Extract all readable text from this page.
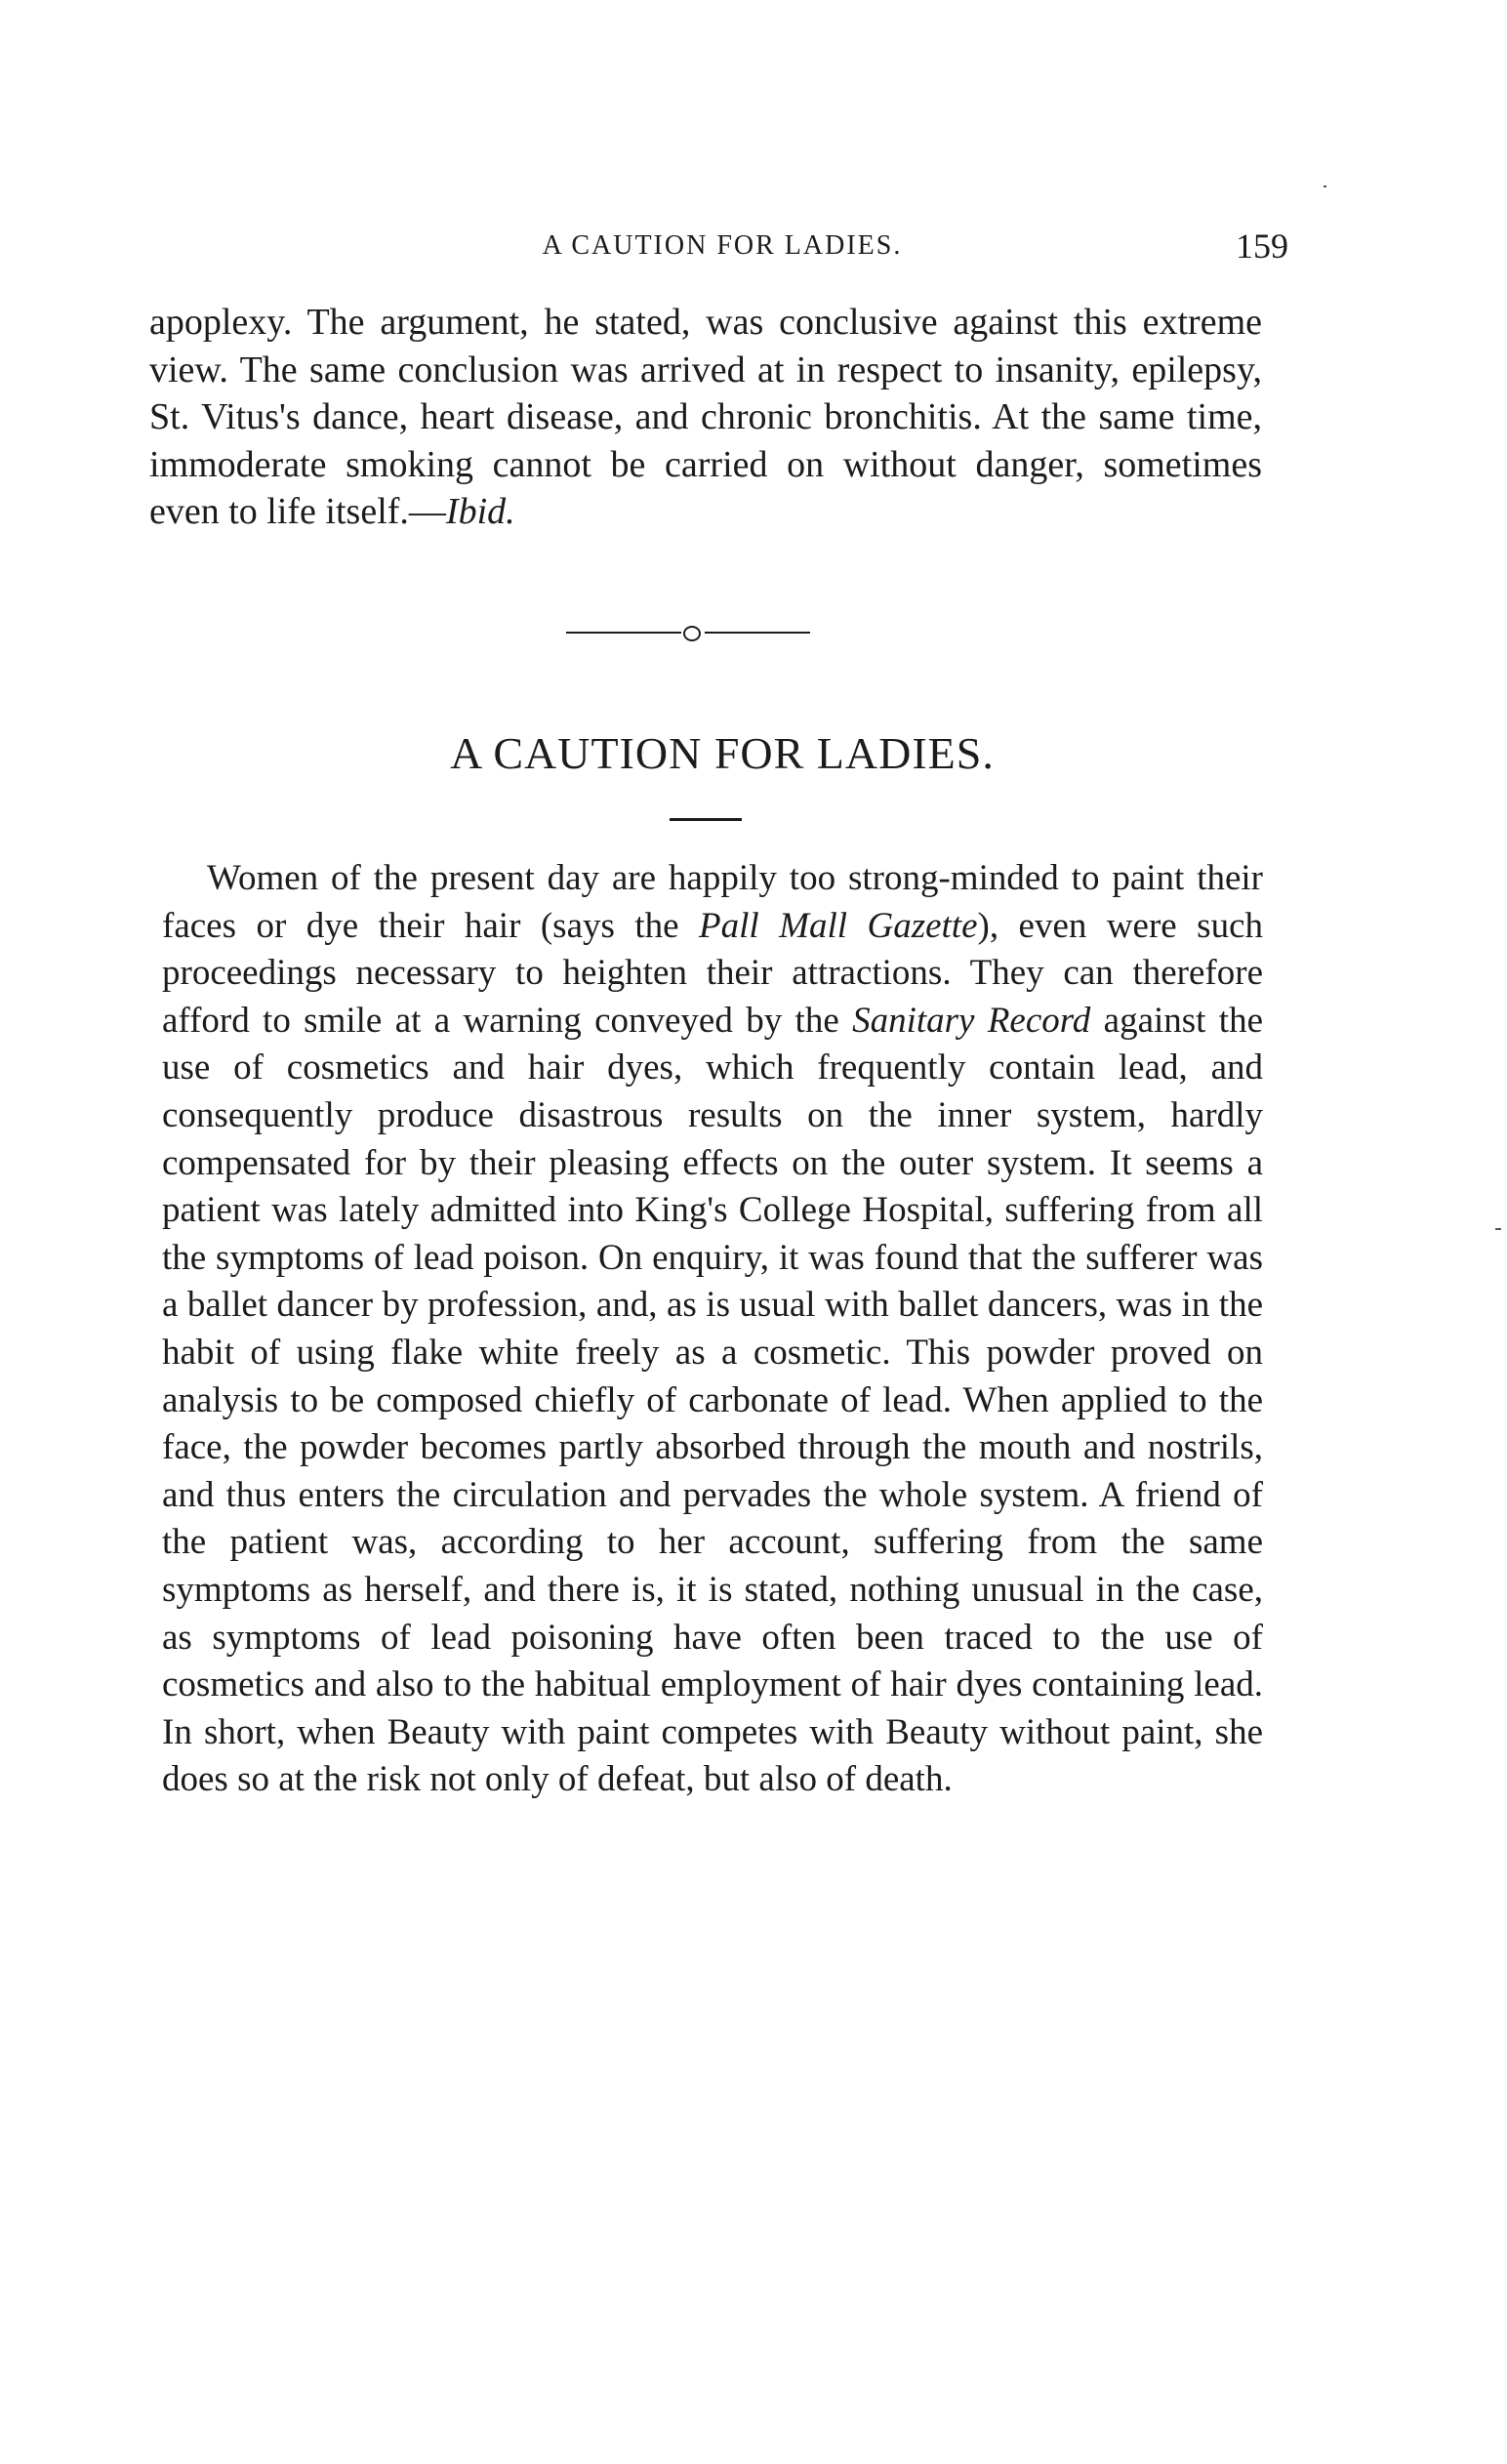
A CAUTION FOR LADIES.	159

apoplexy. The argument, he stated, was conclusive against this extreme view. The same conclusion was arrived at in respect to insanity, epilepsy, St. Vitus's dance, heart disease, and chronic bronchitis. At the same time, immoderate smoking cannot be carried on without danger, sometimes even to life itself.—Ibid.

A CAUTION FOR LADIES.

Women of the present day are happily too strong-minded to paint their faces or dye their hair (says the Pall Mall Gazette), even were such proceedings necessary to heighten their attractions. They can therefore afford to smile at a warning conveyed by the Sanitary Record against the use of cosmetics and hair dyes, which frequently contain lead, and consequently produce disastrous results on the inner system, hardly compensated for by their pleasing effects on the outer system. It seems a patient was lately admitted into King's College Hospital, suffering from all the symptoms of lead poison. On enquiry, it was found that the sufferer was a ballet dancer by profession, and, as is usual with ballet dancers, was in the habit of using flake white freely as a cosmetic. This powder proved on analysis to be composed chiefly of carbonate of lead. When applied to the face, the powder becomes partly absorbed through the mouth and nostrils, and thus enters the circulation and pervades the whole system. A friend of the patient was, according to her account, suffering from the same symptoms as herself, and there is, it is stated, nothing unusual in the case, as symptoms of lead poisoning have often been traced to the use of cosmetics and also to the habitual employment of hair dyes containing lead. In short, when Beauty with paint competes with Beauty without paint, she does so at the risk not only of defeat, but also of death.
